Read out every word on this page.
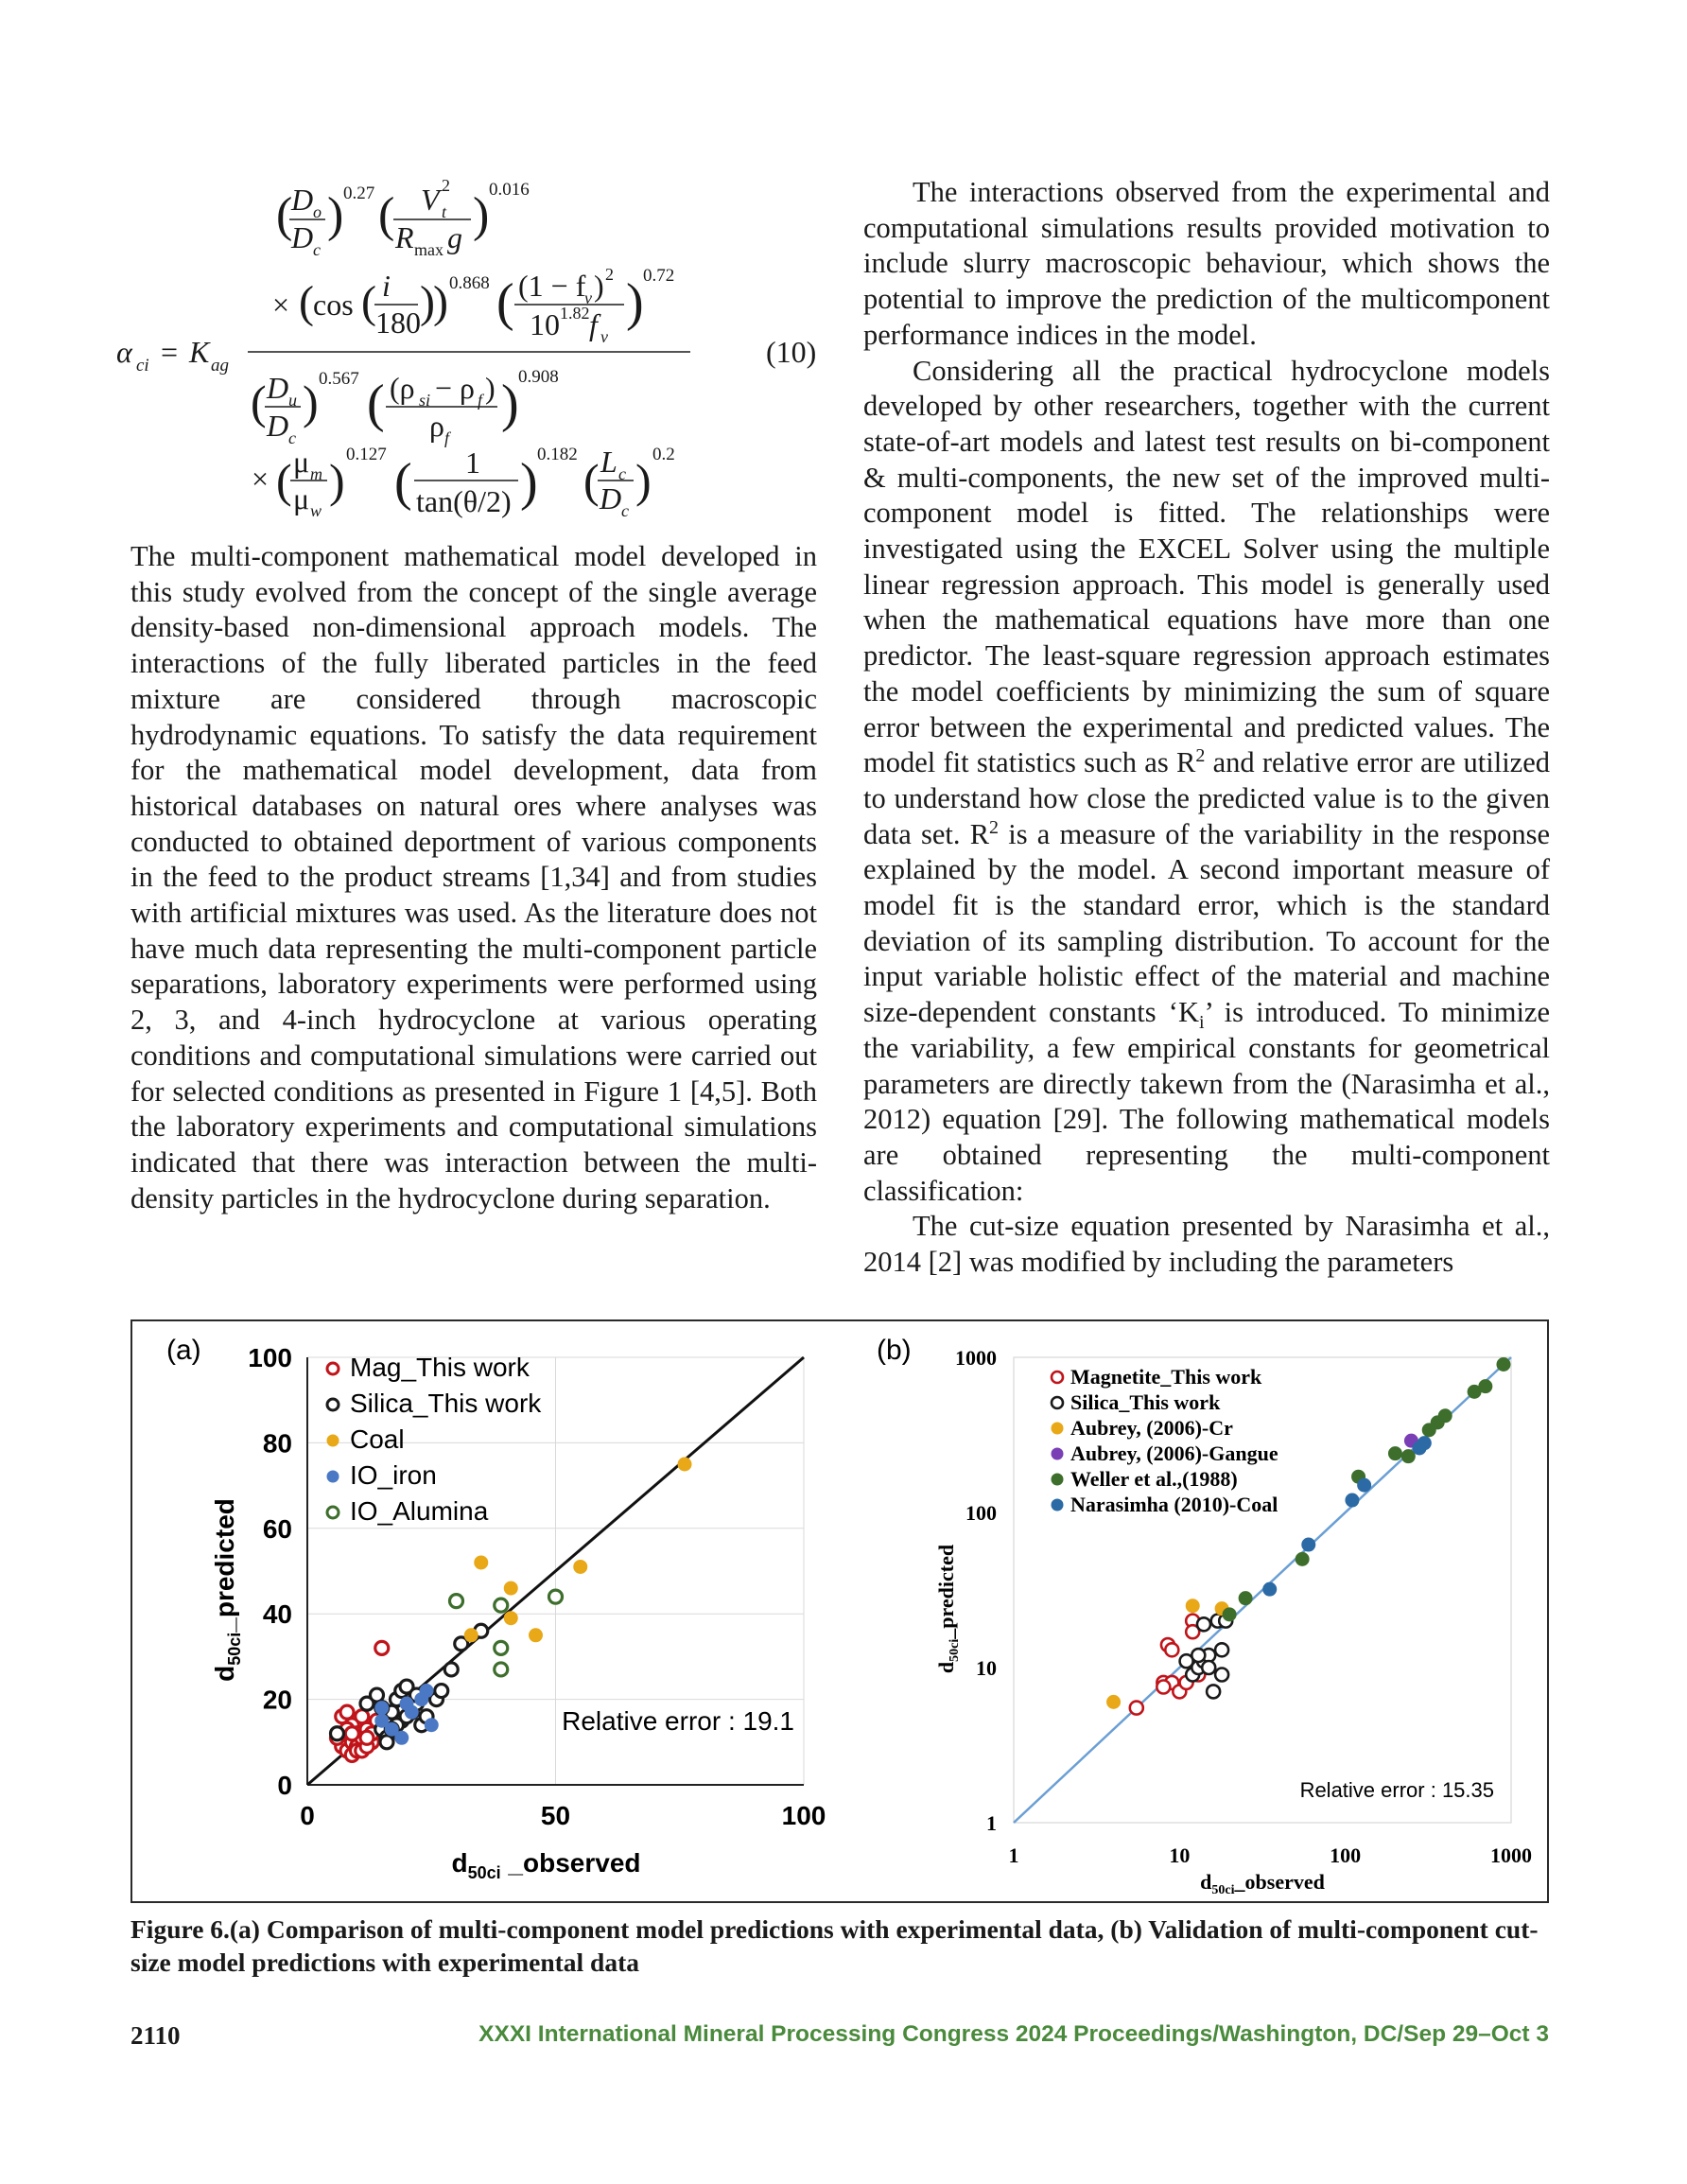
α ci = K ag
(
D o
D c
) 0.27 ( V 2
t
R max g ) 0.016
× ( cos ( i
180 )
) 0.868 ( (1 − f
v ) 2
10 1.82 f v
) 0.72
( D u
D c
) 0.567 ( (ρ si − ρ f )
ρ f
) 0.908
× ( μ m
μ w
) 0.127 ( 1
tan(θ/2) ) 0.182 ( L c
D c
) 0.2
(10)

The multi-component mathematical model developed in this study evolved from the concept of the single average density-based non-dimensional approach models. The interactions of the fully liberated particles in the feed mixture are considered through macroscopic hydrodynamic equations. To satisfy the data requirement for the mathematical model development, data from historical databases on natural ores where analyses was conducted to obtained deportment of various components in the feed to the product streams [1,34] and from studies with artificial mixtures was used. As the literature does not have much data representing the multi-component particle separations, laboratory experiments were performed using 2, 3, and 4-inch hydrocyclone at various operating conditions and computational simulations were carried out for selected conditions as presented in Figure 1 [4,5]. Both the laboratory experiments and computational simulations indicated that there was interaction between the multi-density particles in the hydrocyclone during separation.

The interactions observed from the experimental and computational simulations results provided motivation to include slurry macroscopic behaviour, which shows the potential to improve the prediction of the multicomponent performance indices in the model.

Considering all the practical hydrocyclone models developed by other researchers, together with the current state-of-art models and latest test results on bi-component & multi-components, the new set of the improved multi-component model is fitted. The relationships were investigated using the EXCEL Solver using the multiple linear regression approach. This model is generally used when the mathematical equations have more than one predictor. The least-square regression approach estimates the model coefficients by minimizing the sum of square error between the experimental and predicted values. The model fit statistics such as $R^2$ and relative error are utilized to understand how close the predicted value is to the given data set. $R^2$ is a measure of the variability in the response explained by the model. A second important measure of model fit is the standard error, which is the standard deviation of its sampling distribution. To account for the input variable holistic effect of the material and machine size-dependent constants ‘$K_i$’ is introduced. To minimize the variability, a few empirical constants for geometrical parameters are directly takewn from the (Narasimha et al., 2012) equation [29]. The following mathematical models are obtained representing the multi-component classification:

The cut-size equation presented by Narasimha et al., 2014 [2] was modified by including the parameters

(a)
0
20
40
60
80
100
0	50	100
$d_{50ci}$ _observed
$d_{50ci}\_predicted$
Mag_This work
Silica_This work
Coal
IO_iron
IO_Alumina
Relative error : 19.1
(b)
1
10
100
1000
1	10	100	1000
$d_{50ci}\_observed$
$d_{50ci}\_predicted$
Magnetite_This work
Silica_This work
Aubrey, (2006)-Cr
Aubrey, (2006)-Gangue
Weller et al.,(1988)
Narasimha (2010)-Coal
Relative error : 15.35
Figure 6.(a) Comparison of multi-component model predictions with experimental data, (b) Validation of multi-component cut-size model predictions with experimental data
2110	XXXI International Mineral Processing Congress 2024 Proceedings/Washington, DC/Sep 29–Oct 3
